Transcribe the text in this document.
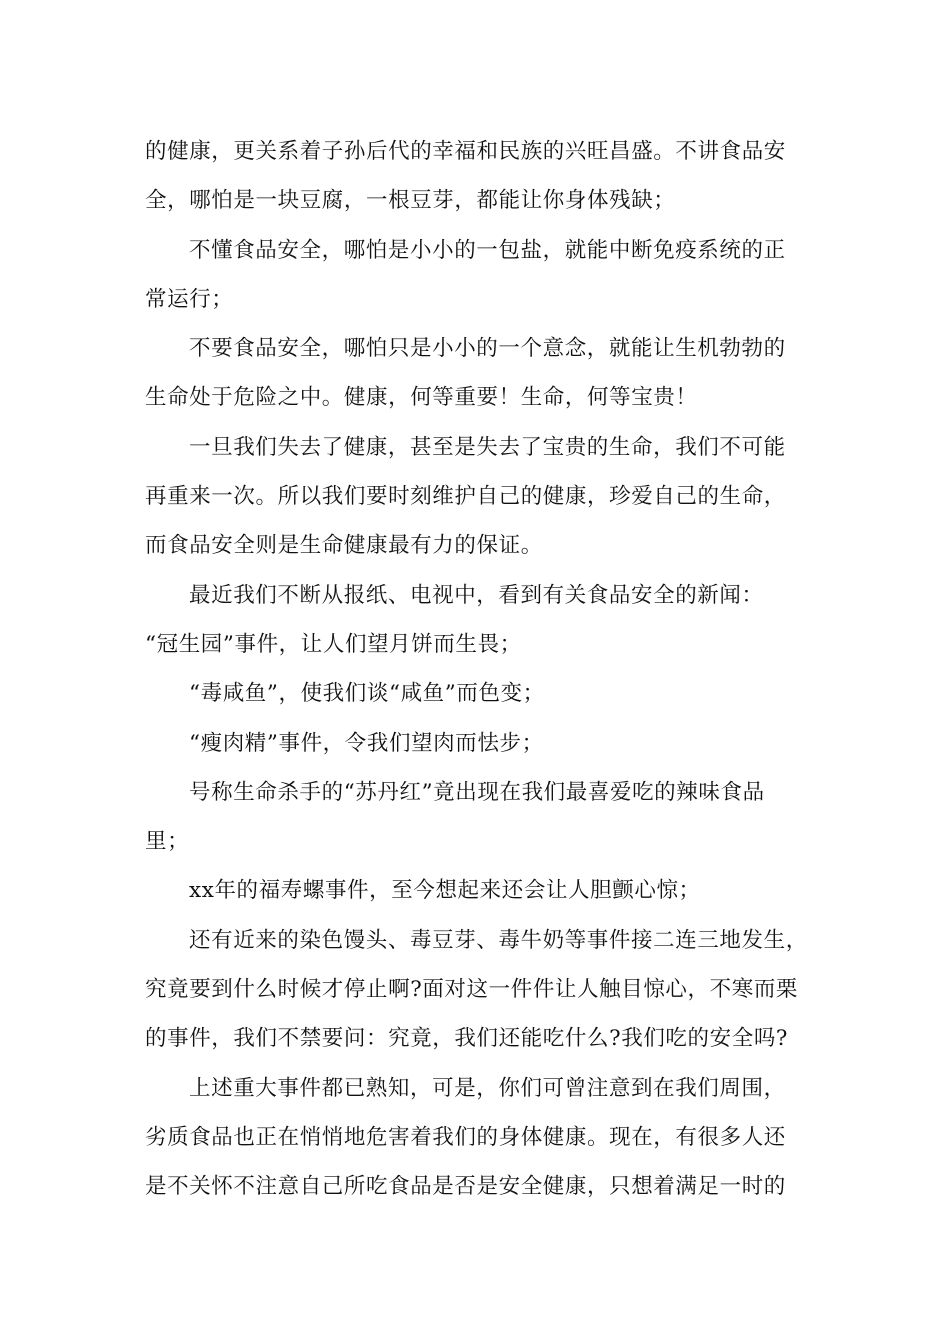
的健康，更关系着子孙后代的幸福和民族的兴旺昌盛。不讲食品安
全，哪怕是一块豆腐，一根豆芽，都能让你身体残缺；
不懂食品安全，哪怕是小小的一包盐，就能中断免疫系统的正
常运行；
不要食品安全，哪怕只是小小的一个意念，就能让生机勃勃的
生命处于危险之中。健康，何等重要！生命，何等宝贵！
一旦我们失去了健康，甚至是失去了宝贵的生命，我们不可能
再重来一次。所以我们要时刻维护自己的健康，珍爱自己的生命，
而食品安全则是生命健康最有力的保证。
最近我们不断从报纸、电视中，看到有关食品安全的新闻：
“冠生园”事件，让人们望月饼而生畏；
“毒咸鱼”，使我们谈“咸鱼”而色变；
“瘦肉精”事件，令我们望肉而怯步；
号称生命杀手的“苏丹红”竟出现在我们最喜爱吃的辣味食品
里；
xx年的福寿螺事件，至今想起来还会让人胆颤心惊；
还有近来的染色馒头、毒豆芽、毒牛奶等事件接二连三地发生，
究竟要到什么时候才停止啊?面对这一件件让人触目惊心，不寒而栗
的事件，我们不禁要问：究竟，我们还能吃什么?我们吃的安全吗?
上述重大事件都已熟知，可是，你们可曾注意到在我们周围，
劣质食品也正在悄悄地危害着我们的身体健康。现在，有很多人还
是不关怀不注意自己所吃食品是否是安全健康，只想着满足一时的
